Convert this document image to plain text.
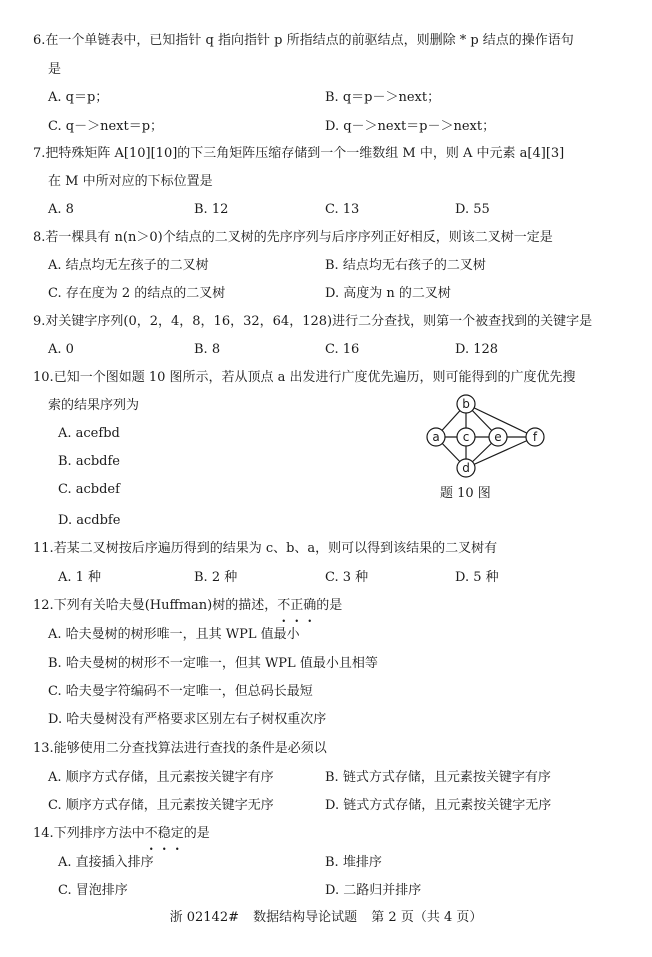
6.在一个单链表中，已知指针 q 指向指针 p 所指结点的前驱结点，则删除 * p 结点的操作语句
是
A. q＝p；	B. q＝p－＞next；
C. q－＞next＝p；	D. q－＞next＝p－＞next；
7.把特殊矩阵 A[10][10]的下三角矩阵压缩存储到一个一维数组 M 中，则 A 中元素 a[4][3]
在 M 中所对应的下标位置是
A. 8	B. 12	C. 13	D. 55
8.若一棵具有 n(n＞0)个结点的二叉树的先序序列与后序序列正好相反，则该二叉树一定是
A. 结点均无左孩子的二叉树	B. 结点均无右孩子的二叉树
C. 存在度为 2 的结点的二叉树	D. 高度为 n 的二叉树
9.对关键字序列(0，2，4，8，16，32，64，128)进行二分查找，则第一个被查找到的关键字是
A. 0	B. 8	C. 16	D. 128
10.已知一个图如题 10 图所示，若从顶点 a 出发进行广度优先遍历，则可能得到的广度优先搜
索的结果序列为
A. acefbd
B. acbdfe
C. acbdef
D. acdbfe
b
a c e	f
d
题 10 图
11.若某二叉树按后序遍历得到的结果为 c、b、a，则可以得到该结果的二叉树有
A. 1 种	B. 2 种	C. 3 种	D. 5 种
12.下列有关哈夫曼(Huffman)树的描述，不正确的是
A. 哈夫曼树的树形唯一，且其 WPL 值最小
B. 哈夫曼树的树形不一定唯一，但其 WPL 值最小且相等
C. 哈夫曼字符编码不一定唯一，但总码长最短
D. 哈夫曼树没有严格要求区别左右子树权重次序
13.能够使用二分查找算法进行查找的条件是必须以
A. 顺序方式存储，且元素按关键字有序	B. 链式方式存储，且元素按关键字有序
C. 顺序方式存储，且元素按关键字无序	D. 链式方式存储，且元素按关键字无序
14.下列排序方法中不稳定的是
A. 直接插入排序	B. 堆排序
C. 冒泡排序	D. 二路归并排序
浙 02142# 数据结构导论试题 第 2 页（共 4 页）
